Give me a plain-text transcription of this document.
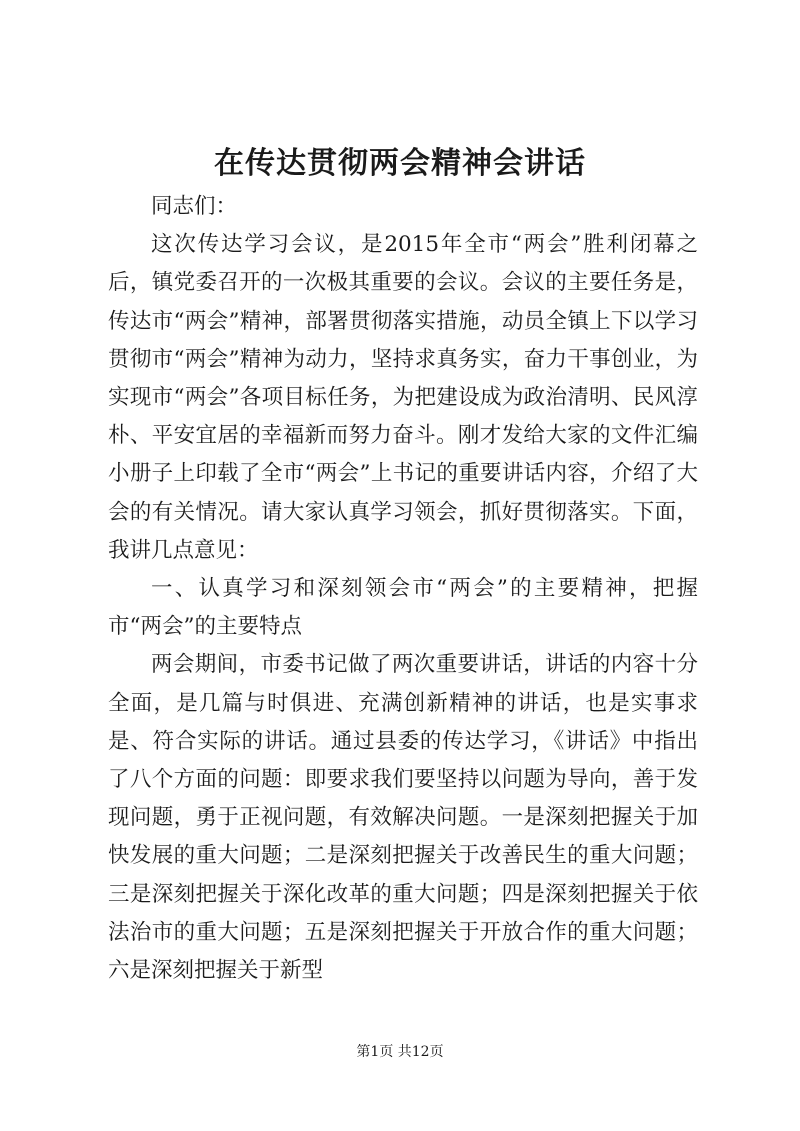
在传达贯彻两会精神会讲话

同志们：

这次传达学习会议，是2015年全市“两会”胜利闭幕之后，镇党委召开的一次极其重要的会议。会议的主要任务是，传达市“两会”精神，部署贯彻落实措施，动员全镇上下以学习贯彻市“两会”精神为动力，坚持求真务实，奋力干事创业，为实现市“两会”各项目标任务，为把建设成为政治清明、民风淳朴、平安宜居的幸福新而努力奋斗。刚才发给大家的文件汇编小册子上印载了全市“两会”上书记的重要讲话内容，介绍了大会的有关情况。请大家认真学习领会，抓好贯彻落实。下面，我讲几点意见：

一、认真学习和深刻领会市“两会”的主要精神，把握市“两会”的主要特点

两会期间，市委书记做了两次重要讲话，讲话的内容十分全面，是几篇与时俱进、充满创新精神的讲话，也是实事求是、符合实际的讲话。通过县委的传达学习，《讲话》中指出了八个方面的问题：即要求我们要坚持以问题为导向，善于发现问题，勇于正视问题，有效解决问题。一是深刻把握关于加快发展的重大问题；二是深刻把握关于改善民生的重大问题；三是深刻把握关于深化改革的重大问题；四是深刻把握关于依法治市的重大问题；五是深刻把握关于开放合作的重大问题；六是深刻把握关于新型

第1页 共12页
